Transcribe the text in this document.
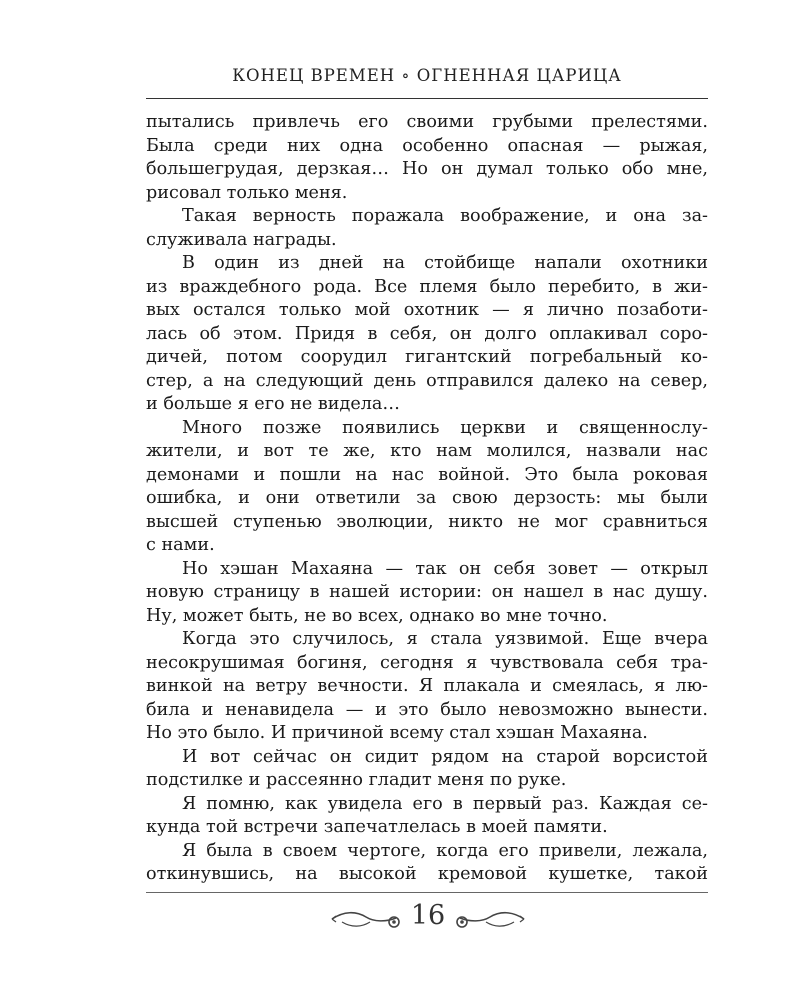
КОНЕЦ ВРЕМЕН ∘ ОГНЕННАЯ ЦАРИЦА
пытались привлечь его своими грубыми прелестями.
Была среди них одна особенно опасная — рыжая,
большегрудая, дерзкая… Но он думал только обо мне,
рисовал только меня.
Такая верность поражала воображение, и она за-
служивала награды.
В один из дней на стойбище напали охотники
из враждебного рода. Все племя было перебито, в жи-
вых остался только мой охотник — я лично позаботи-
лась об этом. Придя в себя, он долго оплакивал соро-
дичей, потом соорудил гигантский погребальный ко-
стер, а на следующий день отправился далеко на север,
и больше я его не видела…
Много позже появились церкви и священнослу-
жители, и вот те же, кто нам молился, назвали нас
демонами и пошли на нас войной. Это была роковая
ошибка, и они ответили за свою дерзость: мы были
высшей ступенью эволюции, никто не мог сравниться
с нами.
Но хэшан Махаяна — так он себя зовет — открыл
новую страницу в нашей истории: он нашел в нас душу.
Ну, может быть, не во всех, однако во мне точно.
Когда это случилось, я стала уязвимой. Еще вчера
несокрушимая богиня, сегодня я чувствовала себя тра-
винкой на ветру вечности. Я плакала и смеялась, я лю-
била и ненавидела — и это было невозможно вынести.
Но это было. И причиной всему стал хэшан Махаяна.
И вот сейчас он сидит рядом на старой ворсистой
подстилке и рассеянно гладит меня по руке.
Я помню, как увидела его в первый раз. Каждая се-
кунда той встречи запечатлелась в моей памяти.
Я была в своем чертоге, когда его привели, лежала,
откинувшись, на высокой кремовой кушетке, такой
16
